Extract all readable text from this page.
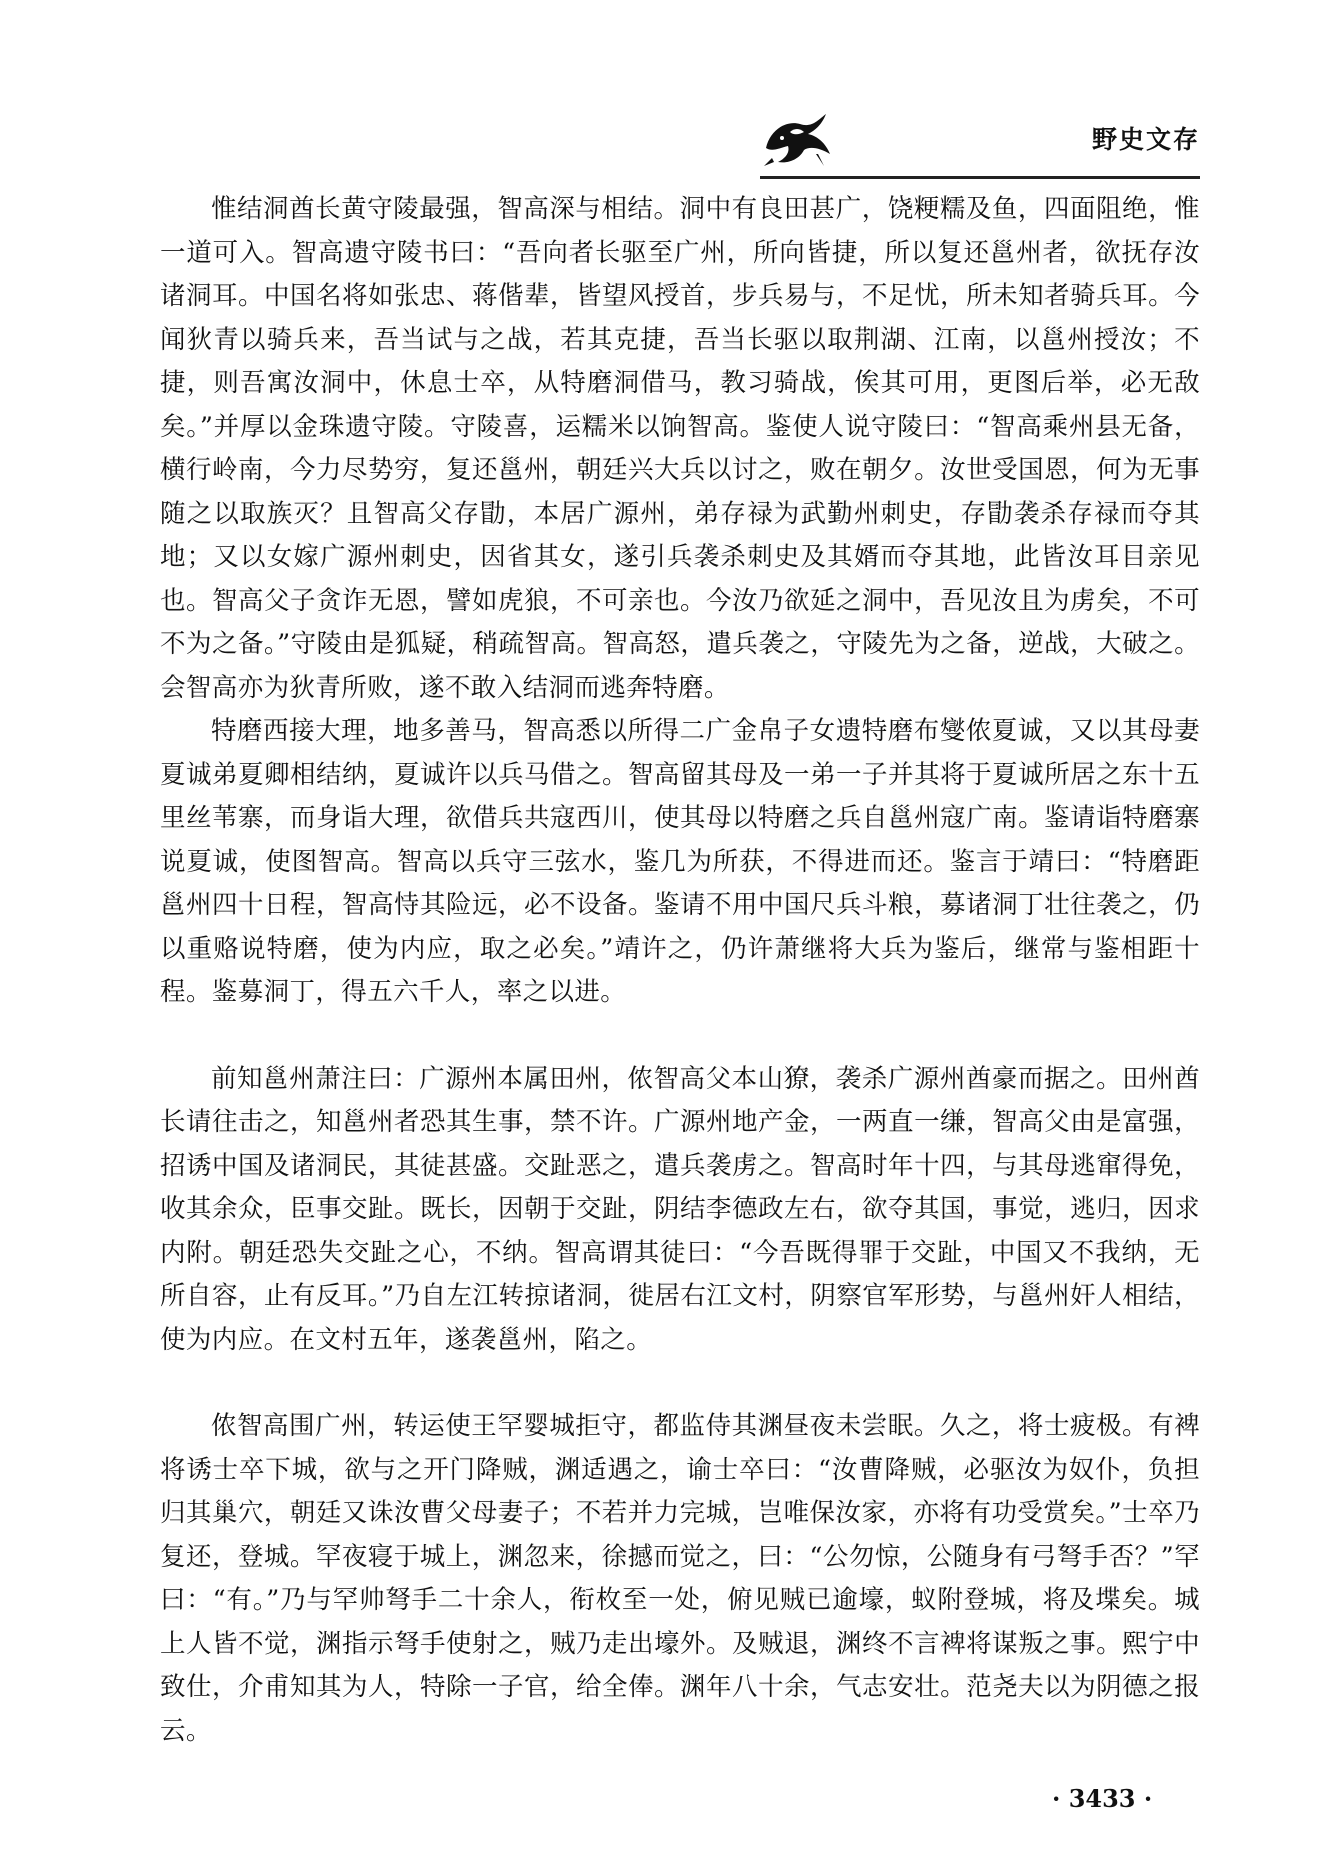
野史文存

惟结洞酋长黄守陵最强，智高深与相结。洞中有良田甚广，饶粳糯及鱼，四面阻绝，惟一道可入。智高遗守陵书曰：“吾向者长驱至广州，所向皆捷，所以复还邕州者，欲抚存汝诸洞耳。中国名将如张忠、蒋偕辈，皆望风授首，步兵易与，不足忧，所未知者骑兵耳。今闻狄青以骑兵来，吾当试与之战，若其克捷，吾当长驱以取荆湖、江南，以邕州授汝；不捷，则吾寓汝洞中，休息士卒，从特磨洞借马，教习骑战，俟其可用，更图后举，必无敌矣。”并厚以金珠遗守陵。守陵喜，运糯米以饷智高。鉴使人说守陵曰：“智高乘州县无备，横行岭南，今力尽势穷，复还邕州，朝廷兴大兵以讨之，败在朝夕。汝世受国恩，何为无事随之以取族灭？且智高父存勖，本居广源州，弟存禄为武勤州刺史，存勖袭杀存禄而夺其地；又以女嫁广源州刺史，因省其女，遂引兵袭杀刺史及其婿而夺其地，此皆汝耳目亲见也。智高父子贪诈无恩，譬如虎狼，不可亲也。今汝乃欲延之洞中，吾见汝且为虏矣，不可不为之备。”守陵由是狐疑，稍疏智高。智高怒，遣兵袭之，守陵先为之备，逆战，大破之。会智高亦为狄青所败，遂不敢入结洞而逃奔特磨。

特磨西接大理，地多善马，智高悉以所得二广金帛子女遗特磨布燮侬夏诚，又以其母妻夏诚弟夏卿相结纳，夏诚许以兵马借之。智高留其母及一弟一子并其将于夏诚所居之东十五里丝苇寨，而身诣大理，欲借兵共寇西川，使其母以特磨之兵自邕州寇广南。鉴请诣特磨寨说夏诚，使图智高。智高以兵守三弦水，鉴几为所获，不得进而还。鉴言于靖曰：“特磨距邕州四十日程，智高恃其险远，必不设备。鉴请不用中国尺兵斗粮，募诸洞丁壮往袭之，仍以重赂说特磨，使为内应，取之必矣。”靖许之，仍许萧继将大兵为鉴后，继常与鉴相距十程。鉴募洞丁，得五六千人，率之以进。

前知邕州萧注曰：广源州本属田州，侬智高父本山獠，袭杀广源州酋豪而据之。田州酋长请往击之，知邕州者恐其生事，禁不许。广源州地产金，一两直一缣，智高父由是富强，招诱中国及诸洞民，其徒甚盛。交趾恶之，遣兵袭虏之。智高时年十四，与其母逃窜得免，收其余众，臣事交趾。既长，因朝于交趾，阴结李德政左右，欲夺其国，事觉，逃归，因求内附。朝廷恐失交趾之心，不纳。智高谓其徒曰：“今吾既得罪于交趾，中国又不我纳，无所自容，止有反耳。”乃自左江转掠诸洞，徙居右江文村，阴察官军形势，与邕州奸人相结，使为内应。在文村五年，遂袭邕州，陷之。

侬智高围广州，转运使王罕婴城拒守，都监侍其渊昼夜未尝眠。久之，将士疲极。有裨将诱士卒下城，欲与之开门降贼，渊适遇之，谕士卒曰：“汝曹降贼，必驱汝为奴仆，负担归其巢穴，朝廷又诛汝曹父母妻子；不若并力完城，岂唯保汝家，亦将有功受赏矣。”士卒乃复还，登城。罕夜寝于城上，渊忽来，徐撼而觉之，曰：“公勿惊，公随身有弓弩手否？”罕曰：“有。”乃与罕帅弩手二十余人，衔枚至一处，俯见贼已逾壕，蚁附登城，将及堞矣。城上人皆不觉，渊指示弩手使射之，贼乃走出壕外。及贼退，渊终不言裨将谋叛之事。熙宁中致仕，介甫知其为人，特除一子官，给全俸。渊年八十余，气志安壮。范尧夫以为阴德之报云。

· 3433 ·
